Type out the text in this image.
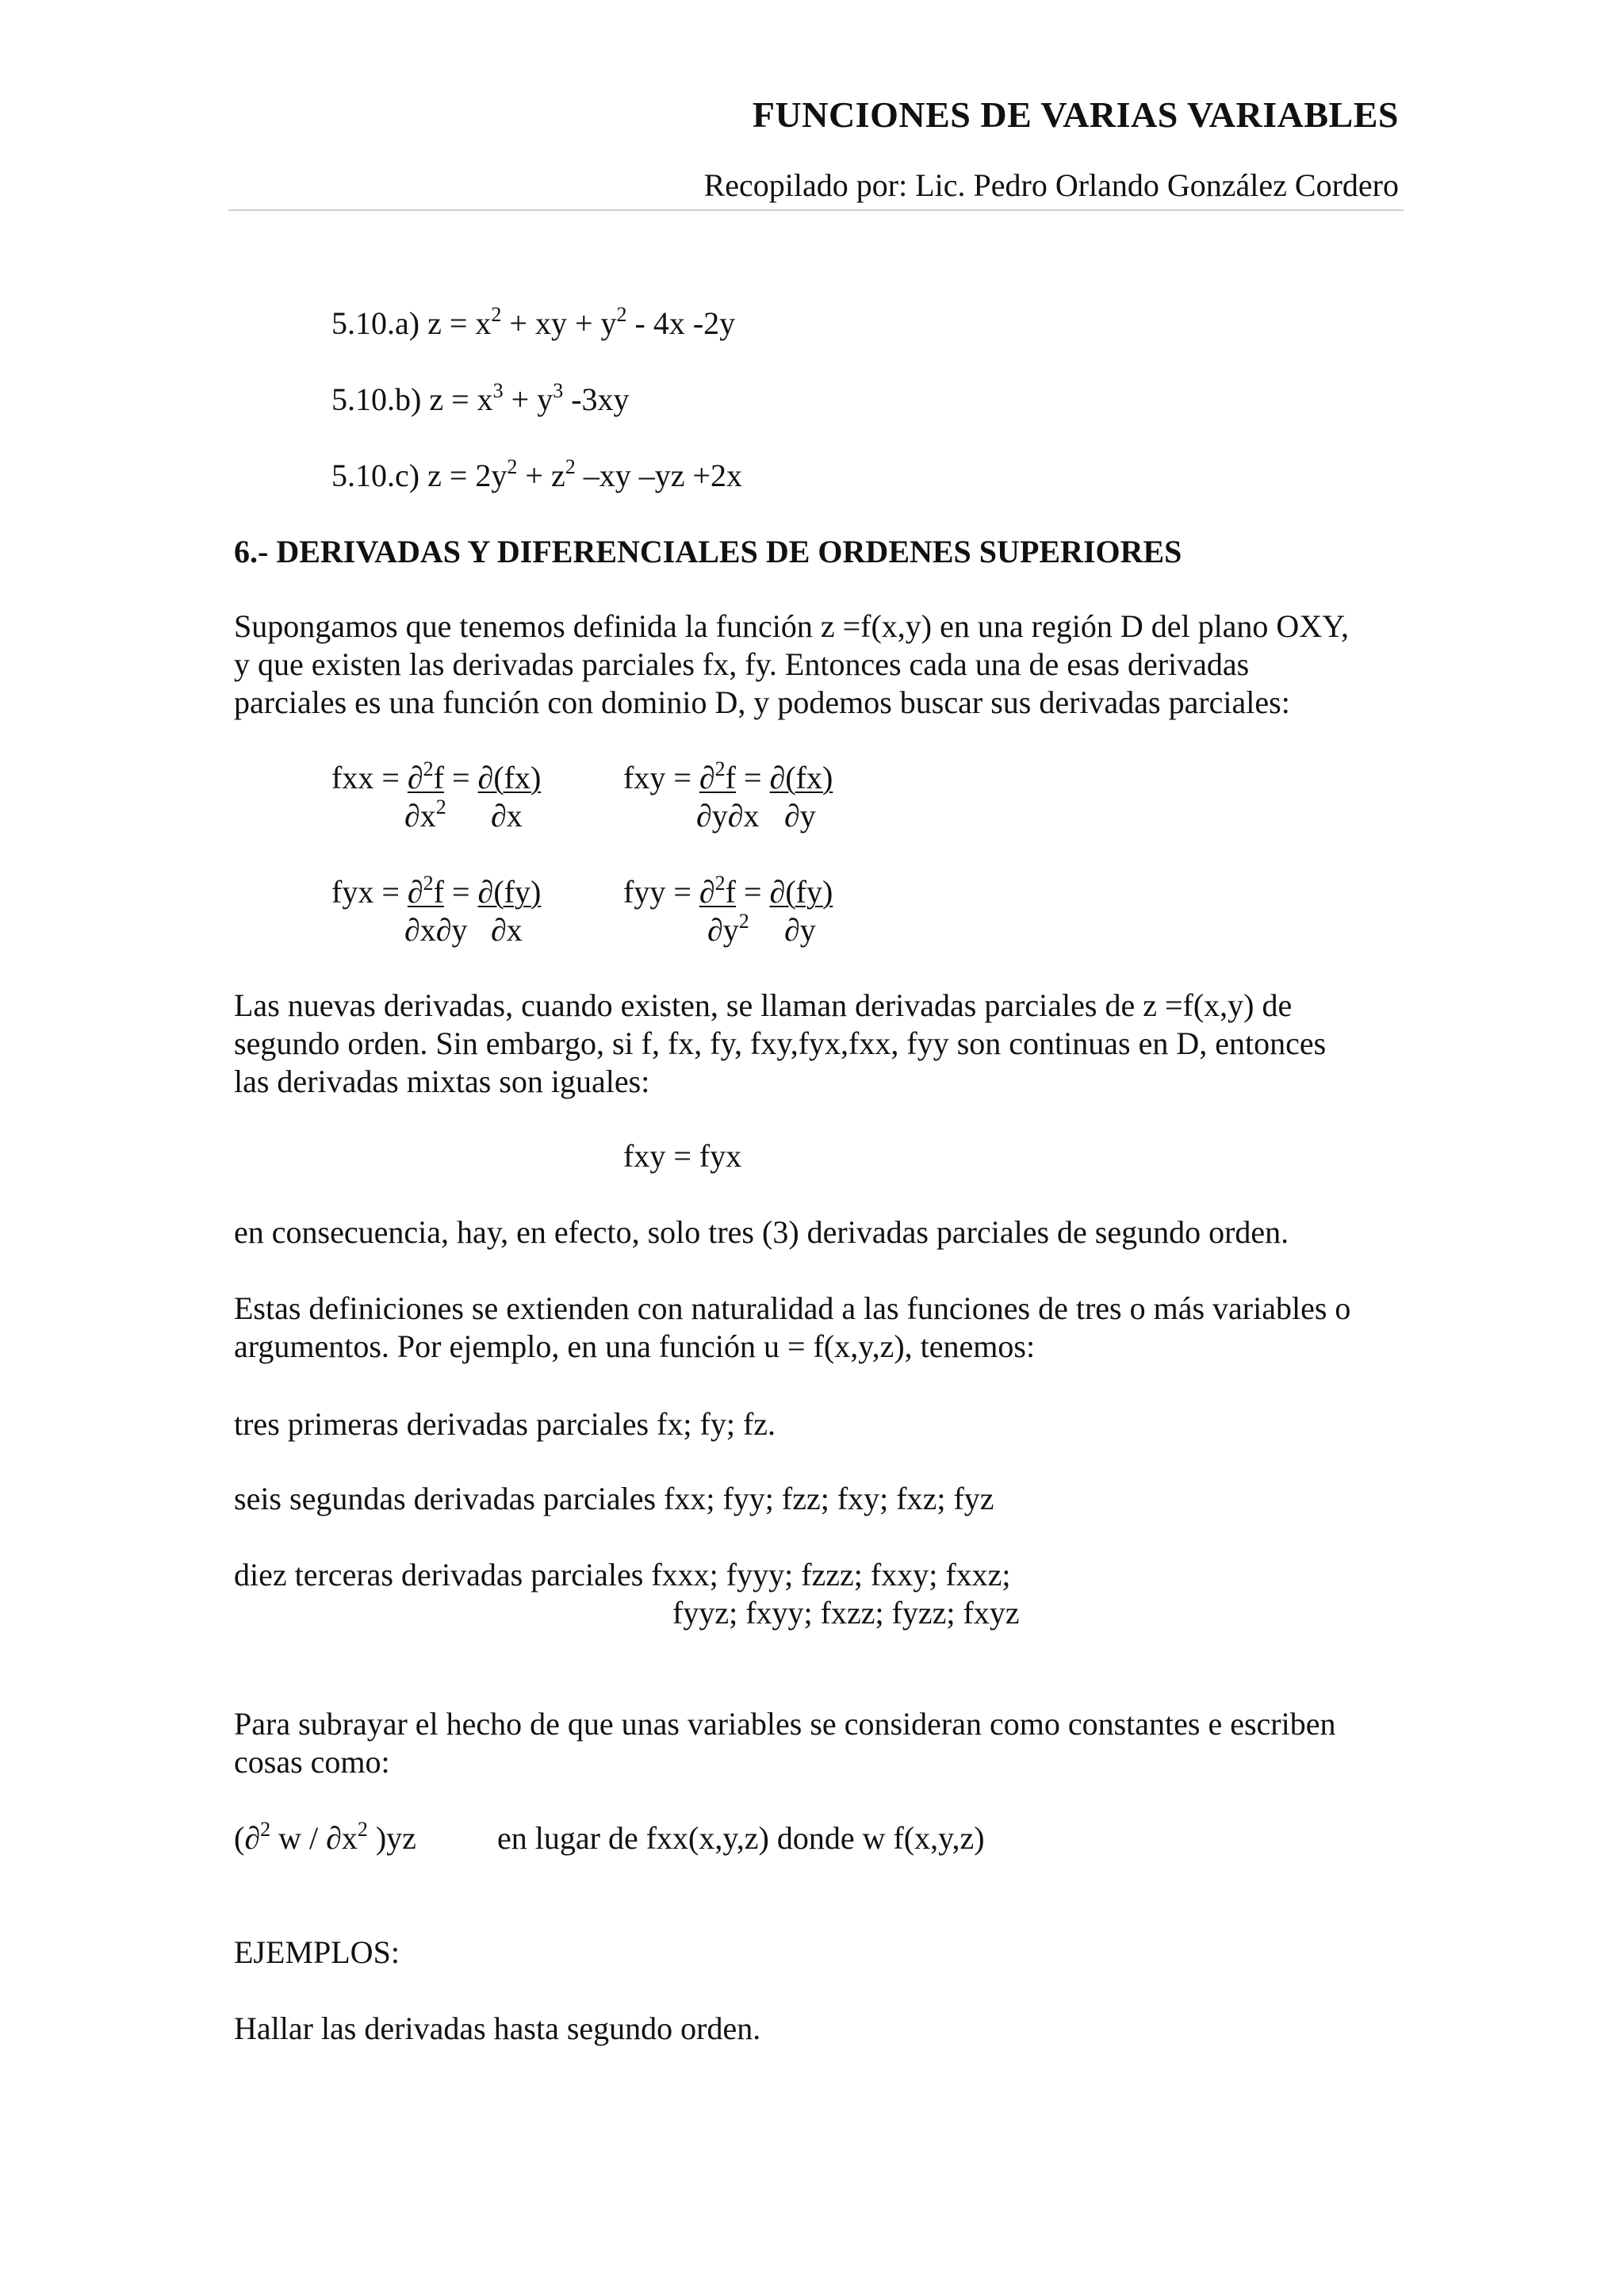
FUNCIONES DE VARIAS VARIABLES
Recopilado por: Lic. Pedro Orlando González Cordero
5.10.a) $z = x^2$ + xy + $y^2 - 4x$ -2y
5.10.b) $z = x^3 + y^3$ -3xy
5.10.c) $z = 2y^2 + z^2$ –xy –yz +2x
6.- DERIVADAS Y DIFERENCIALES DE ORDENES SUPERIORES

Supongamos que tenemos definida la función z =f(x,y) en una región D del plano OXY,

y que existen las derivadas parciales fx, fy. Entonces cada una de esas derivadas

parciales es una función con dominio D, y podemos buscar sus derivadas parciales:

fxx = ∂$^2$f = ∂(fx)
$\partial x^2$ ∂x
fxy = ∂$^2$f = ∂(fx)
∂y∂x ∂y
fyx = ∂$^2$f = ∂(fy)
∂x∂y ∂x
fyy = ∂$^2$f = ∂(fy)
$\partial y^2$ ∂y

Las nuevas derivadas, cuando existen, se llaman derivadas parciales de z =f(x,y) de

segundo orden. Sin embargo, si f, fx, fy, fxy,fyx,fxx, fyy son continuas en D, entonces

las derivadas mixtas son iguales:

fxy = fyx
en consecuencia, hay, en efecto, solo tres (3) derivadas parciales de segundo orden.

Estas definiciones se extienden con naturalidad a las funciones de tres o más variables o

argumentos. Por ejemplo, en una función u = f(x,y,z), tenemos:

tres primeras derivadas parciales fx; fy; fz.
seis segundas derivadas parciales fxx; fyy; fzz; fxy; fxz; fyz
diez terceras derivadas parciales fxxx; fyyy; fzzz; fxxy; fxxz;
fyyz; fxyy; fxzz; fyzz; fxyz

Para subrayar el hecho de que unas variables se consideran como constantes e escriben

cosas como:

(∂$^2$ w / $\partial x^2$ )yz	en lugar de fxx(x,y,z) donde w f(x,y,z)
EJEMPLOS:
Hallar las derivadas hasta segundo orden.
